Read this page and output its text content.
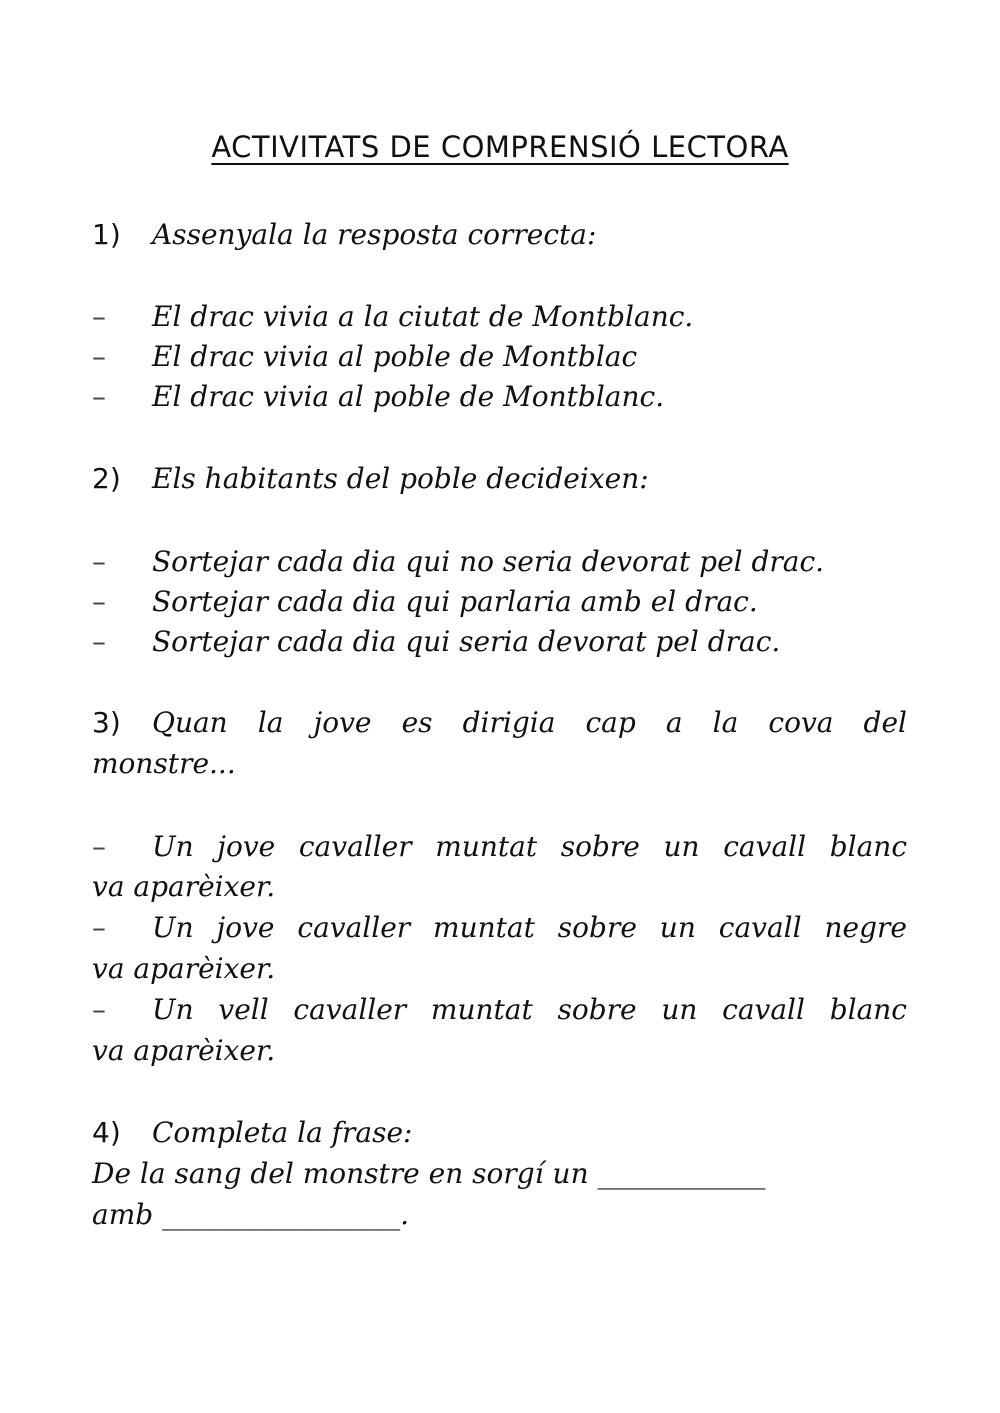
ACTIVITATS DE COMPRENSIÓ LECTORA
1) Assenyala la resposta correcta:
– El drac vivia a la ciutat de Montblanc.
– El drac vivia al poble de Montblac
– El drac vivia al poble de Montblanc.
2) Els habitants del poble decideixen:
– Sortejar cada dia qui no seria devorat pel drac.
– Sortejar cada dia qui parlaria amb el drac.
– Sortejar cada dia qui seria devorat pel drac.
3) Quan la jove es dirigia cap a la cova del
monstre...
– Un jove cavaller muntat sobre un cavall blanc
va aparèixer.
– Un jove cavaller muntat sobre un cavall negre
va aparèixer.
– Un vell cavaller muntat sobre un cavall blanc
va aparèixer.
4) Completa la frase:
De la sang del monstre en sorgí un ____________
amb _________________.
